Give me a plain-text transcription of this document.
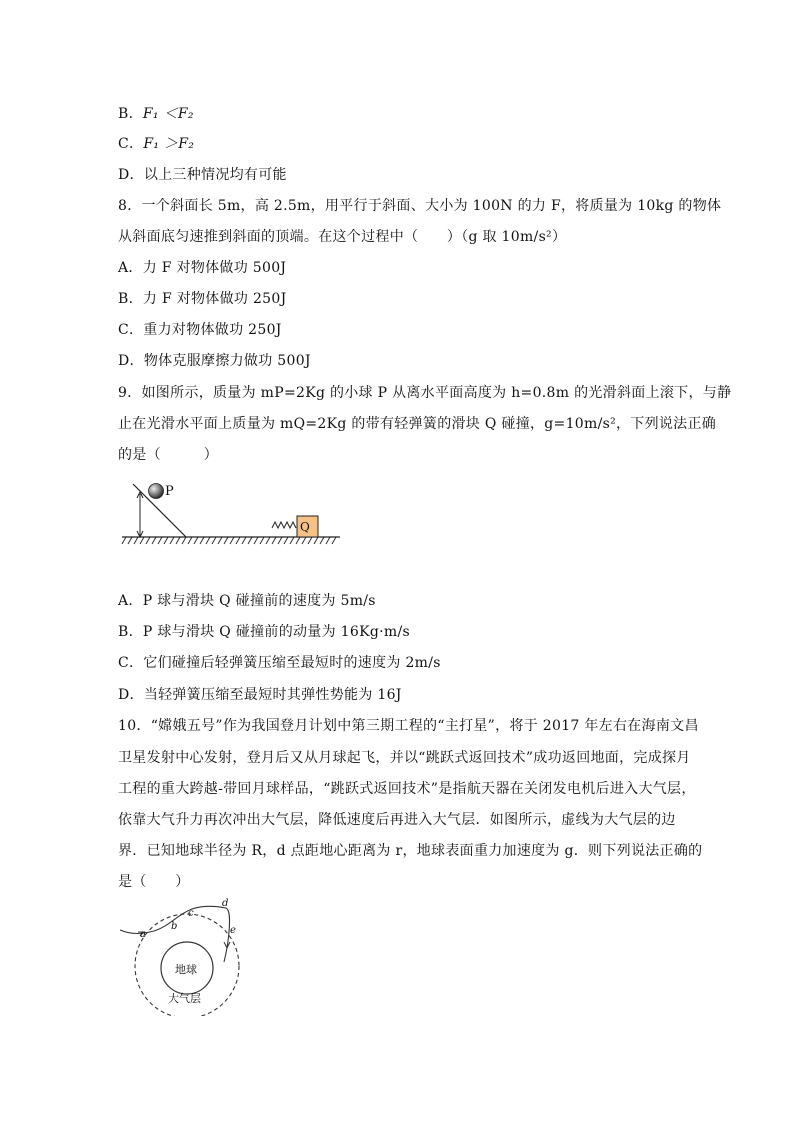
B．F₁ ＜F₂
C．F₁ ＞F₂
D．以上三种情况均有可能
8．一个斜面长 5m，高 2.5m，用平行于斜面、大小为 100N 的力 F，将质量为 10kg 的物体
从斜面底匀速推到斜面的顶端。在这个过程中（　　）（g 取 10m/s²）
A．力 F 对物体做功 500J
B．力 F 对物体做功 250J
C．重力对物体做功 250J
D．物体克服摩擦力做功 500J
9．如图所示，质量为 mP=2Kg 的小球 P 从离水平面高度为 h=0.8m 的光滑斜面上滚下，与静
止在光滑水平面上质量为 mQ=2Kg 的带有轻弹簧的滑块 Q 碰撞，g=10m/s²，下列说法正确
的是（　　　）
P
Q
A．P 球与滑块 Q 碰撞前的速度为 5m/s
B．P 球与滑块 Q 碰撞前的动量为 16Kg·m/s
C．它们碰撞后轻弹簧压缩至最短时的速度为 2m/s
D．当轻弹簧压缩至最短时其弹性势能为 16J
10．“嫦娥五号”作为我国登月计划中第三期工程的“主打星”，将于 2017 年左右在海南文昌
卫星发射中心发射，登月后又从月球起飞，并以“跳跃式返回技术”成功返回地面，完成探月
工程的重大跨越-带回月球样品，“跳跃式返回技术”是指航天器在关闭发电机后进入大气层，
依靠大气升力再次冲出大气层，降低速度后再进入大气层．如图所示，虚线为大气层的边
界．已知地球半径为 R，d 点距地心距离为 r，地球表面重力加速度为 g．则下列说法正确的
是（　　）
地球
大气层
a
b
c
d
e
